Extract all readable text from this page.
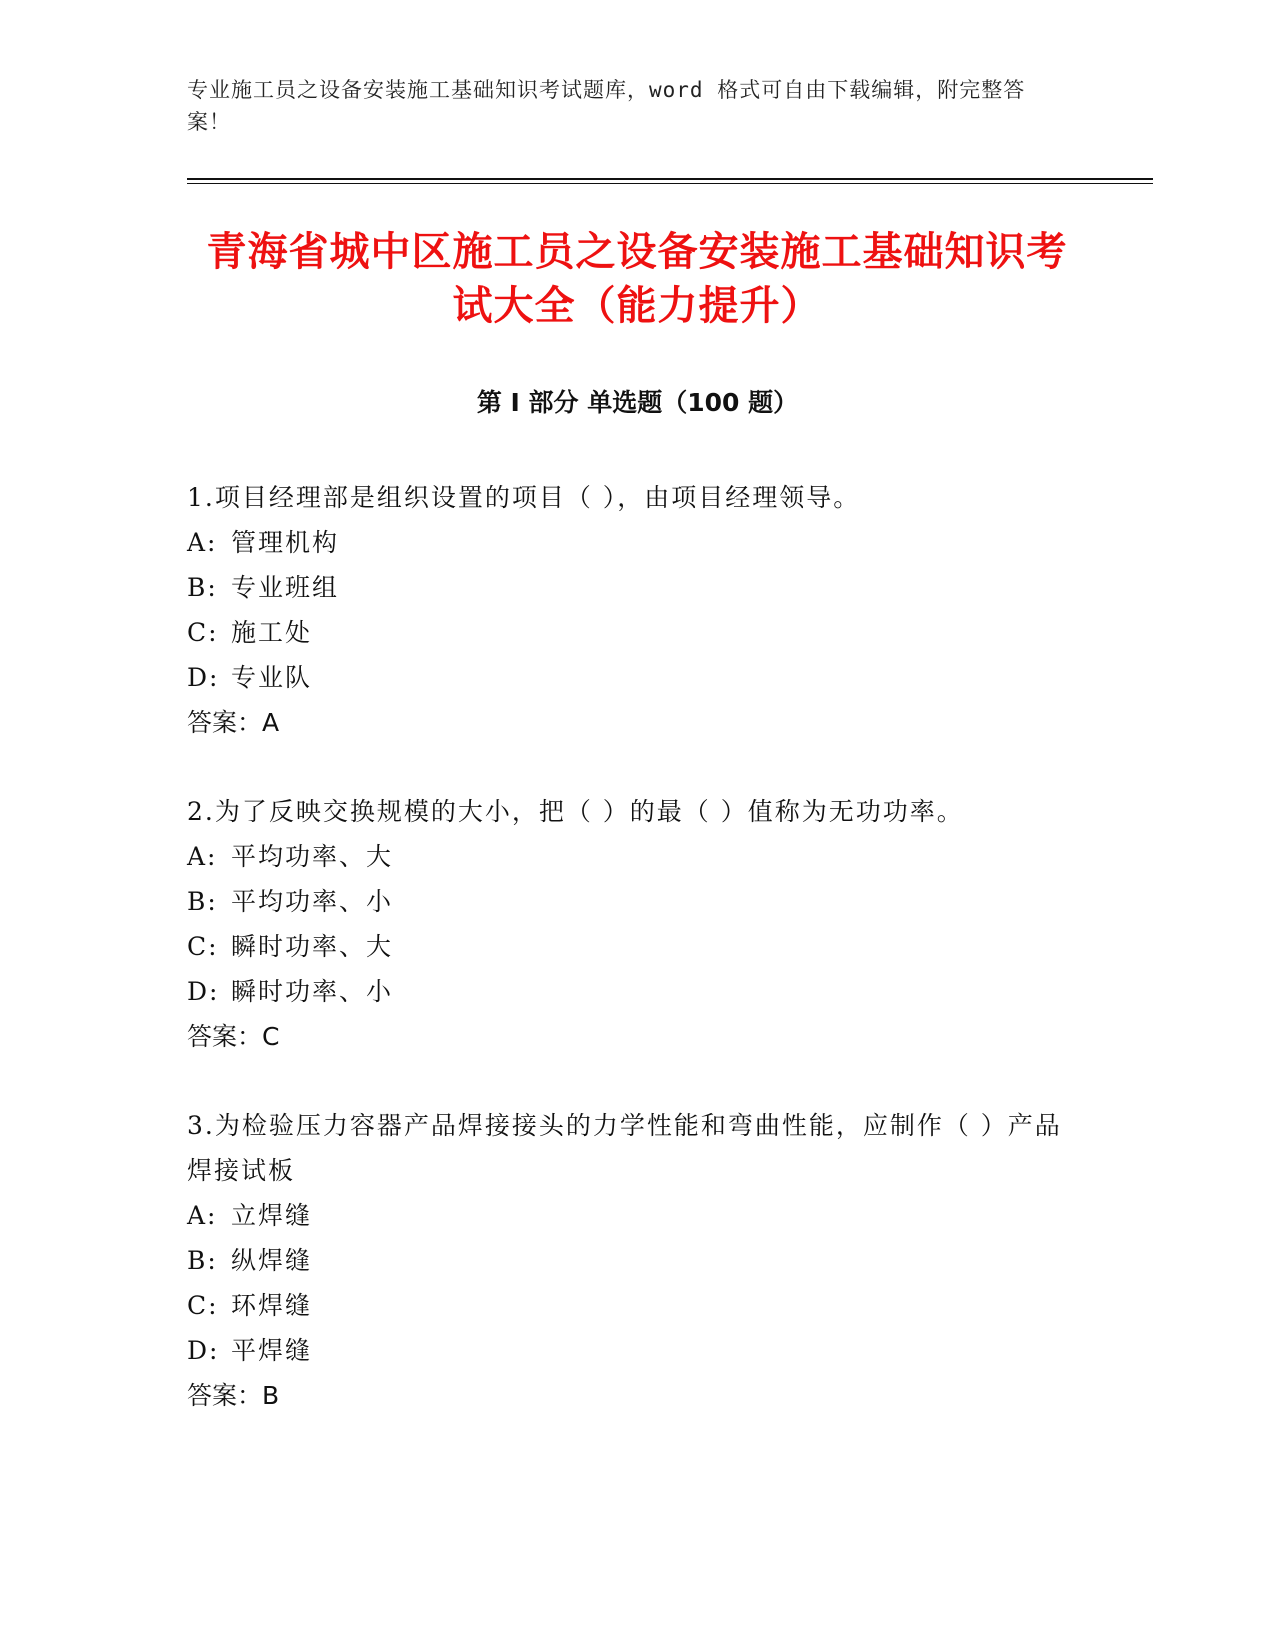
专业施工员之设备安装施工基础知识考试题库，word 格式可自由下载编辑，附完整答案！

青海省城中区施工员之设备安装施工基础知识考试大全（能力提升）
第 I 部分 单选题（100 题）

1.项目经理部是组织设置的项目（ ），由项目经理领导。

A: 管理机构

B: 专业班组

C: 施工处

D: 专业队

答案：A

2.为了反映交换规模的大小，把（ ）的最（ ）值称为无功功率。

A: 平均功率、大

B: 平均功率、小

C: 瞬时功率、大

D: 瞬时功率、小

答案：C

3.为检验压力容器产品焊接接头的力学性能和弯曲性能，应制作（ ）产品焊接试板

A: 立焊缝

B: 纵焊缝

C: 环焊缝

D: 平焊缝

答案：B
